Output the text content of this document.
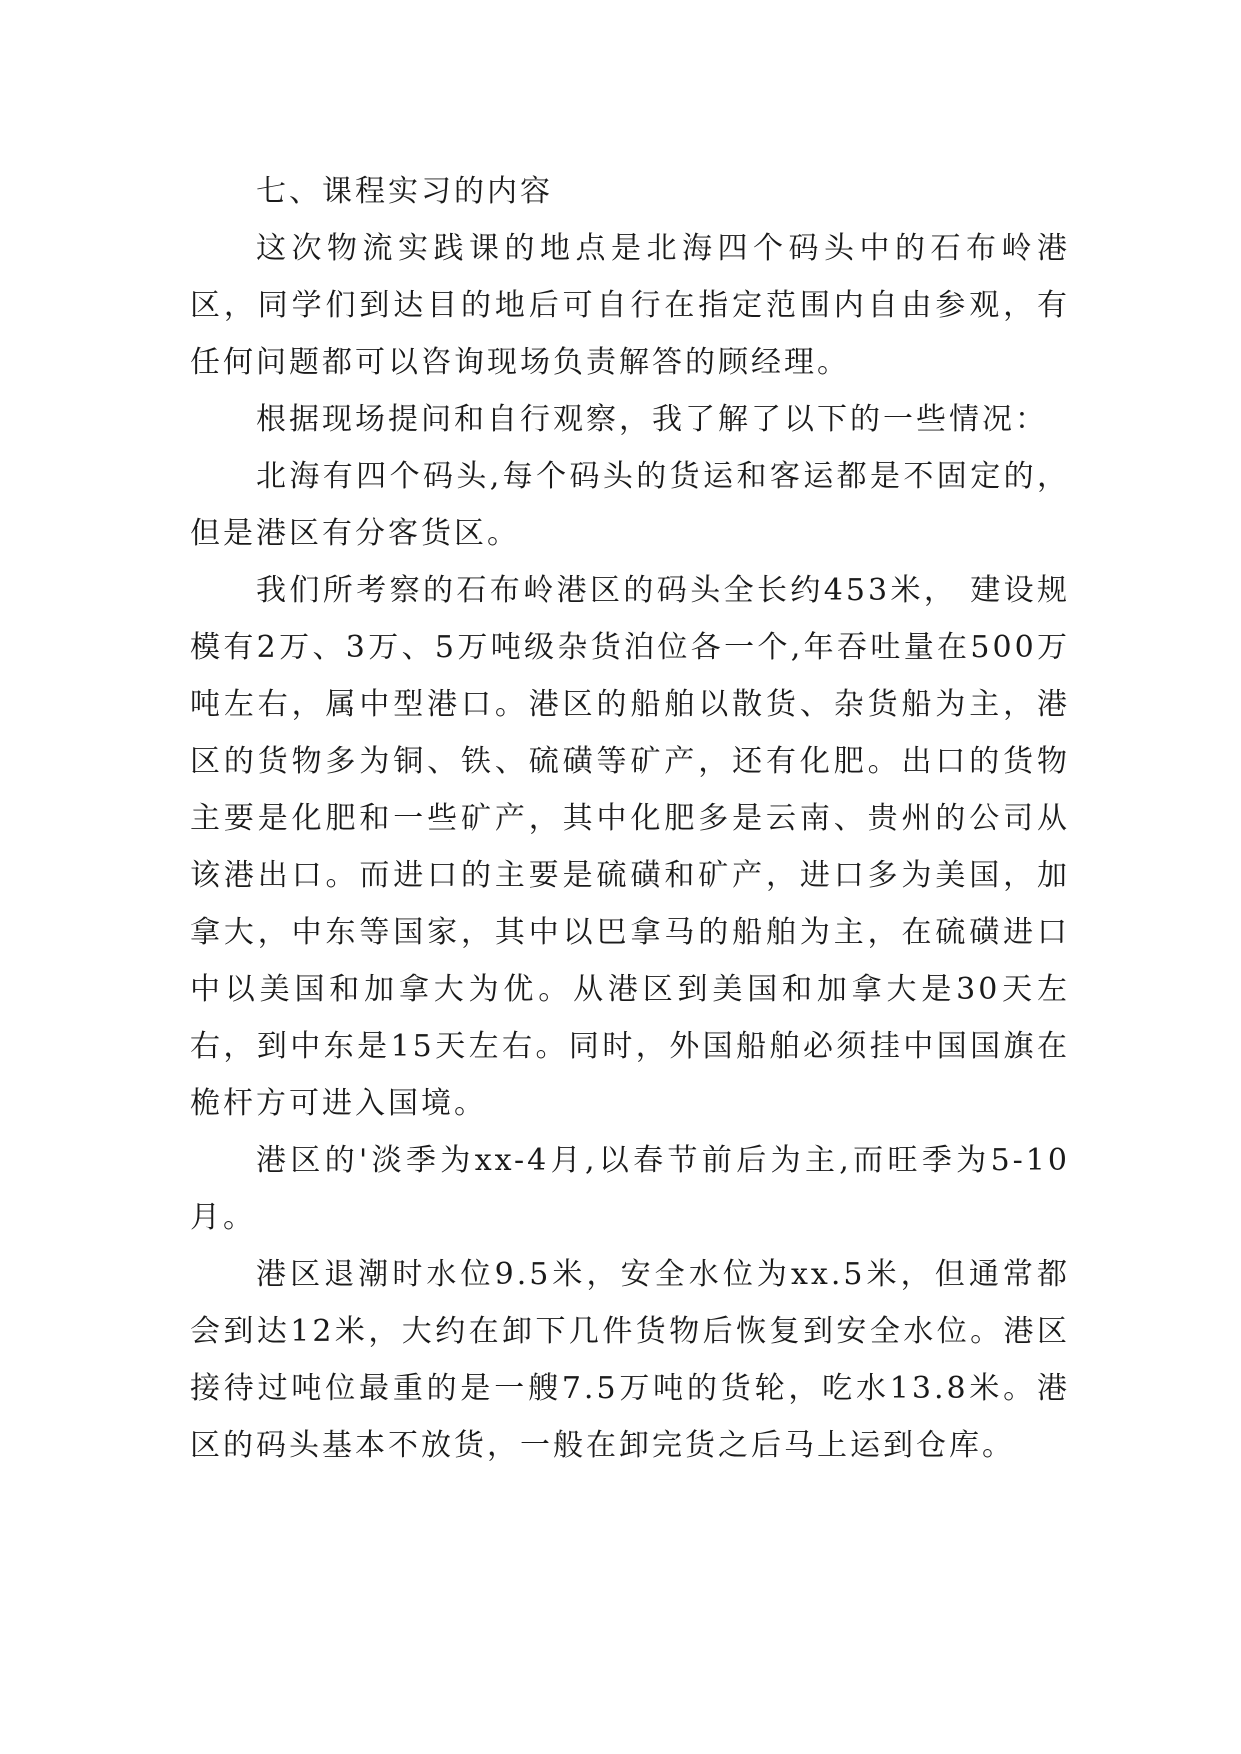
七、课程实习的内容

这次物流实践课的地点是北海四个码头中的石布岭港区，同学们到达目的地后可自行在指定范围内自由参观，有任何问题都可以咨询现场负责解答的顾经理。

根据现场提问和自行观察，我了解了以下的一些情况：

北海有四个码头,每个码头的货运和客运都是不固定的，但是港区有分客货区。

我们所考察的石布岭港区的码头全长约453米， 建设规模有2万、3万、5万吨级杂货泊位各一个,年吞吐量在500万吨左右，属中型港口。港区的船舶以散货、杂货船为主，港区的货物多为铜、铁、硫磺等矿产，还有化肥。出口的货物主要是化肥和一些矿产，其中化肥多是云南、贵州的公司从该港出口。而进口的主要是硫磺和矿产，进口多为美国，加拿大，中东等国家，其中以巴拿马的船舶为主，在硫磺进口中以美国和加拿大为优。从港区到美国和加拿大是30天左右，到中东是15天左右。同时，外国船舶必须挂中国国旗在桅杆方可进入国境。

港区的'淡季为xx-4月,以春节前后为主,而旺季为5-10月。

港区退潮时水位9.5米，安全水位为xx.5米，但通常都会到达12米，大约在卸下几件货物后恢复到安全水位。港区接待过吨位最重的是一艘7.5万吨的货轮，吃水13.8米。港区的码头基本不放货，一般在卸完货之后马上运到仓库。
